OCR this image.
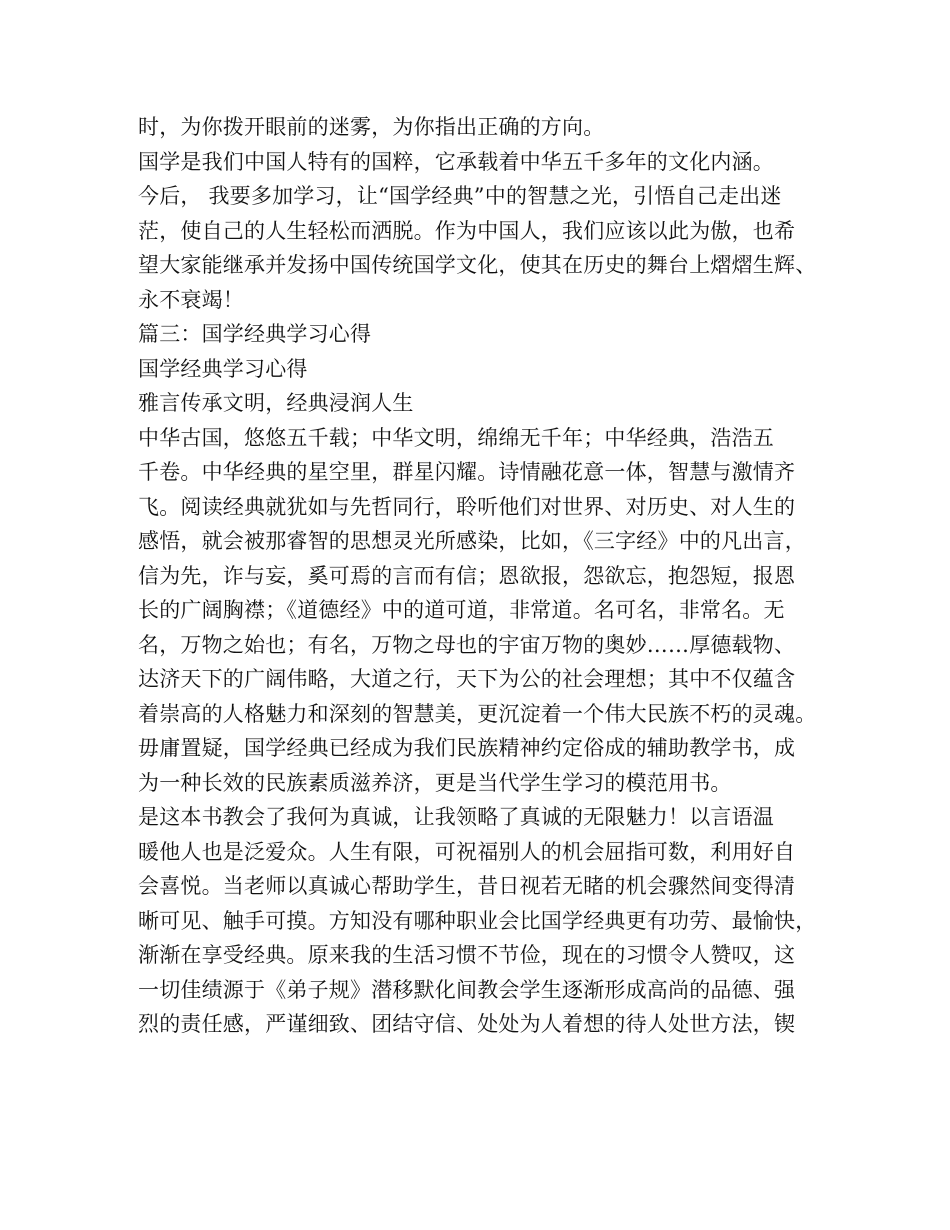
时，为你拨开眼前的迷雾，为你指出正确的方向。
国学是我们中国人特有的国粹，它承载着中华五千多年的文化内涵。
今后， 我要多加学习，让“国学经典”中的智慧之光，引悟自己走出迷
茫，使自己的人生轻松而洒脱。作为中国人，我们应该以此为傲，也希
望大家能继承并发扬中国传统国学文化，使其在历史的舞台上熠熠生辉、
永不衰竭！
篇三：国学经典学习心得
国学经典学习心得
雅言传承文明，经典浸润人生
中华古国，悠悠五千载；中华文明，绵绵无千年；中华经典，浩浩五
千卷。中华经典的星空里，群星闪耀。诗情融花意一体，智慧与激情齐
飞。阅读经典就犹如与先哲同行，聆听他们对世界、对历史、对人生的
感悟，就会被那睿智的思想灵光所感染，比如，《三字经》中的凡出言，
信为先，诈与妄，奚可焉的言而有信；恩欲报，怨欲忘，抱怨短，报恩
长的广阔胸襟；《道德经》中的道可道，非常道。名可名，非常名。无
名，万物之始也；有名，万物之母也的宇宙万物的奥妙……厚德载物、
达济天下的广阔伟略，大道之行，天下为公的社会理想；其中不仅蕴含
着崇高的人格魅力和深刻的智慧美，更沉淀着一个伟大民族不朽的灵魂。
毋庸置疑，国学经典已经成为我们民族精神约定俗成的辅助教学书，成
为一种长效的民族素质滋养济，更是当代学生学习的模范用书。
是这本书教会了我何为真诚，让我领略了真诚的无限魅力！以言语温
暖他人也是泛爱众。人生有限，可祝福别人的机会屈指可数，利用好自
会喜悦。当老师以真诚心帮助学生，昔日视若无睹的机会骤然间变得清
晰可见、触手可摸。方知没有哪种职业会比国学经典更有功劳、最愉快，
渐渐在享受经典。原来我的生活习惯不节俭，现在的习惯令人赞叹，这
一切佳绩源于《弟子规》潜移默化间教会学生逐渐形成高尚的品德、强
烈的责任感，严谨细致、团结守信、处处为人着想的待人处世方法，锲
